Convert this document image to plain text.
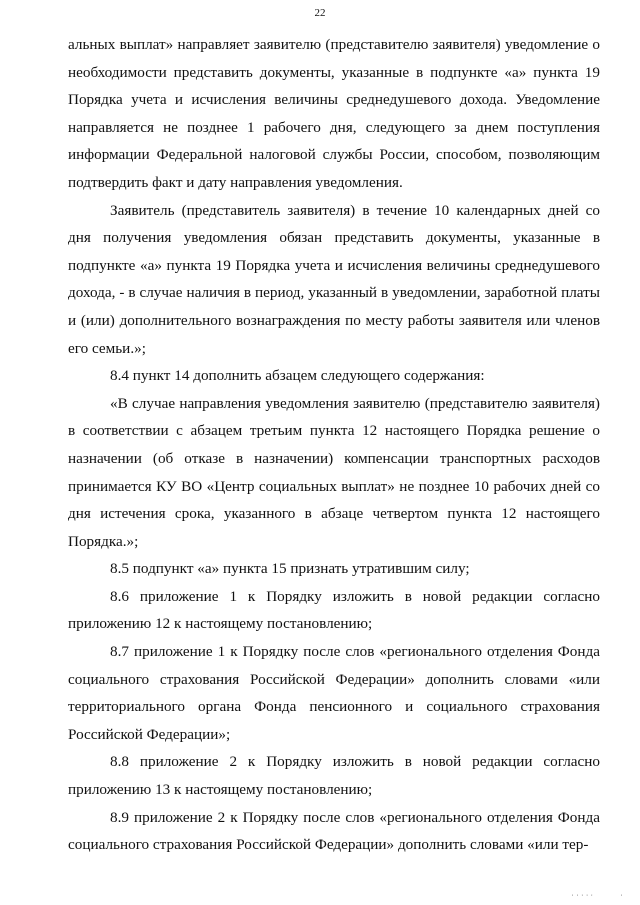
22

альных выплат» направляет заявителю (представителю заявителя) уведомление о необходимости представить документы, указанные в подпункте «а» пункта 19 Порядка учета и исчисления величины среднедушевого дохода. Уведомление направляется не позднее 1 рабочего дня, следующего за днем поступления информации Федеральной налоговой службы России, способом, позволяющим подтвердить факт и дату направления уведомления.

Заявитель (представитель заявителя) в течение 10 календарных дней со дня получения уведомления обязан представить документы, указанные в подпункте «а» пункта 19 Порядка учета и исчисления величины среднедушевого дохода, - в случае наличия в период, указанный в уведомлении, заработной платы и (или) дополнительного вознаграждения по месту работы заявителя или членов его семьи.»;

8.4 пункт 14 дополнить абзацем следующего содержания:

«В случае направления уведомления заявителю (представителю заявителя) в соответствии с абзацем третьим пункта 12 настоящего Порядка решение о назначении (об отказе в назначении) компенсации транспортных расходов принимается КУ ВО «Центр социальных выплат» не позднее 10 рабочих дней со дня истечения срока, указанного в абзаце четвертом пункта 12 настоящего Порядка.»;

8.5 подпункт «а» пункта 15 признать утратившим силу;

8.6 приложение 1 к Порядку изложить в новой редакции согласно приложению 12 к настоящему постановлению;

8.7 приложение 1 к Порядку после слов «регионального отделения Фонда социального страхования Российской Федерации» дополнить словами «или территориального органа Фонда пенсионного и социального страхования Российской Федерации»;

8.8 приложение 2 к Порядку изложить в новой редакции согласно приложению 13 к настоящему постановлению;

8.9 приложение 2 к Порядку после слов «регионального отделения Фонда социального страхования Российской Федерации» дополнить словами «или тер-

' ' ' ' '	'
